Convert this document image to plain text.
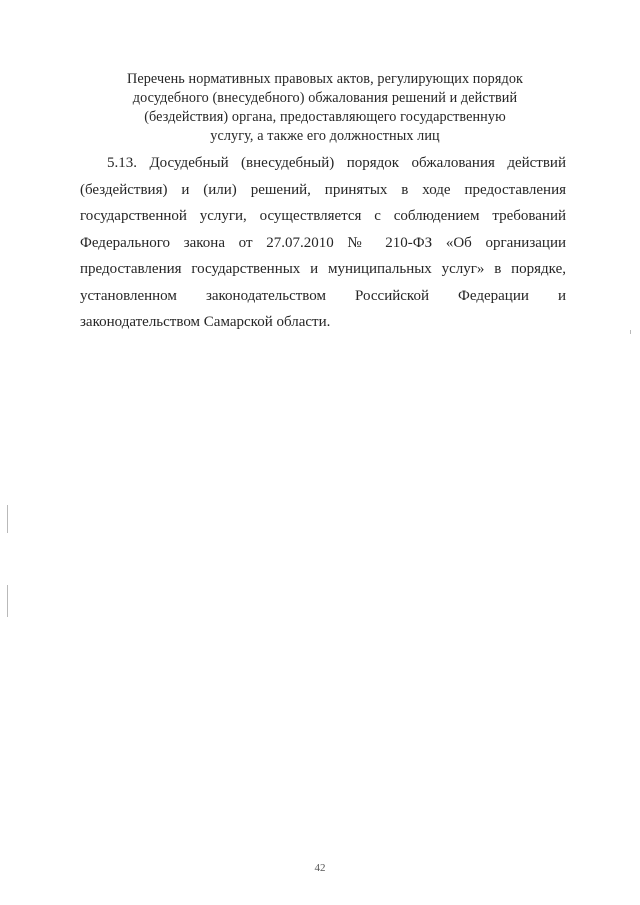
Перечень нормативных правовых актов, регулирующих порядок
досудебного (внесудебного) обжалования решений и действий
(бездействия) органа, предоставляющего государственную
услугу, а также его должностных лиц

5.13. Досудебный (внесудебный) порядок обжалования действий (бездействия) и (или) решений, принятых в ходе предоставления государственной услуги, осуществляется с соблюдением требований Федерального закона от 27.07.2010 № 210-ФЗ «Об организации предоставления государственных и муниципальных услуг» в порядке, установленном законодательством Российской Федерации и законодательством Самарской области.

42
